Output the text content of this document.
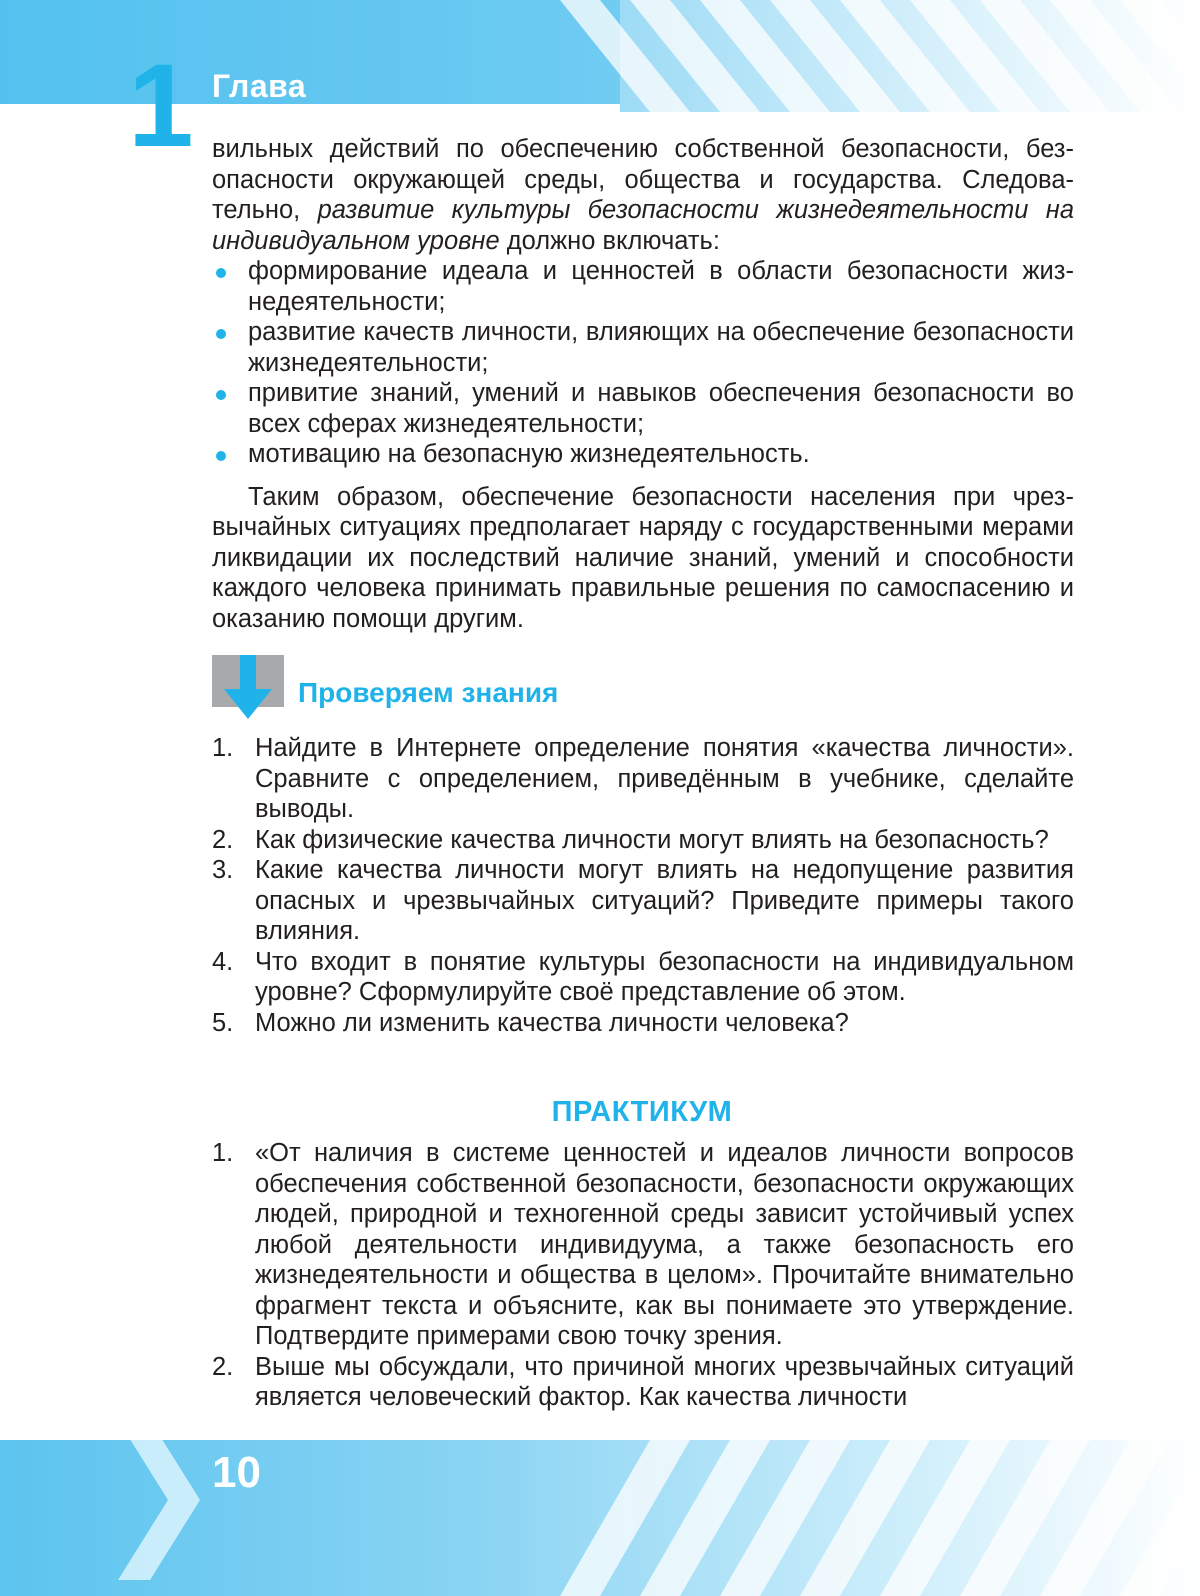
1 Глава

вильных действий по обеспечению собственной безопасности, без- опасности окружающей среды, общества и государства. Следова- тельно, развитие культуры безопасности жизнедеятельности на индивидуальном уровне должно включать:

формирование идеала и ценностей в области безопасности жизнедеятельности;
развитие качеств личности, влияющих на обеспечение безопасности жизнедеятельности;
привитие знаний, умений и навыков обеспечения безопасности во всех сферах жизнедеятельности;
мотивацию на безопасную жизнедеятельность.

Таким образом, обеспечение безопасности населения при чрезвычайных ситуациях предполагает наряду с государственными мерами ликвидации их последствий наличие знаний, умений и способности каждого человека принимать правильные решения по самоспасению и оказанию помощи другим.

Проверяем знания
1. Найдите в Интернете определение понятия «качества личности». Сравните с определением, приведённым в учебнике, сделайте выводы.
2. Как физические качества личности могут влиять на безопасность?
3. Какие качества личности могут влиять на недопущение развития опасных и чрезвычайных ситуаций? Приведите примеры такого влияния.
4. Что входит в понятие культуры безопасности на индивидуальном уровне? Сформулируйте своё представление об этом.
5. Можно ли изменить качества личности человека?
ПРАКТИКУМ
1. «От наличия в системе ценностей и идеалов личности вопросов обеспечения собственной безопасности, безопасности окружающих людей, природной и техногенной среды зависит устойчивый успех любой деятельности индивидуума, а также безопасность его жизнедеятельности и общества в целом». Прочитайте внимательно фрагмент текста и объясните, как вы понимаете это утверждение. Подтвердите примерами свою точку зрения.
2. Выше мы обсуждали, что причиной многих чрезвычайных ситуаций является человеческий фактор. Как качества личности
10
